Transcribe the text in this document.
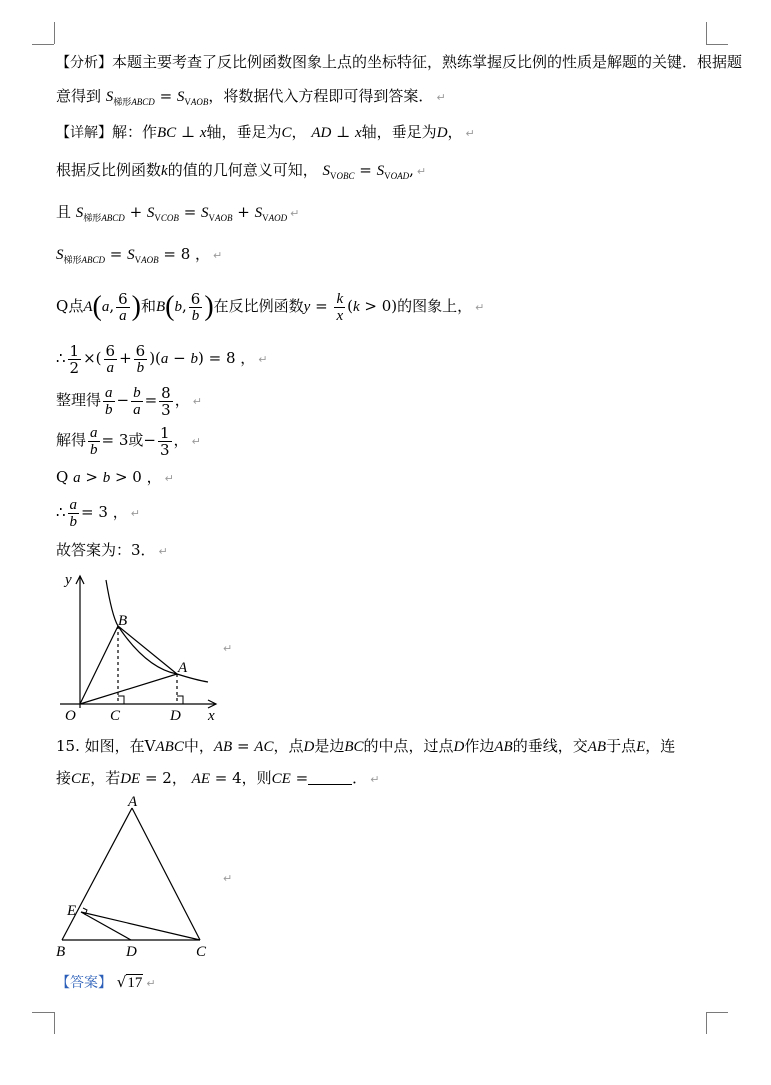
【分析】本题主要考查了反比例函数图象上点的坐标特征，熟练掌握反比例的性质是解题的关键．根据题
意得到 $S_{梯形ABCD} = S_{VAOB}$，将数据代入方程即可得到答案． ↵
【详解】解：作BC ⊥ x轴，垂足为C， AD ⊥ x轴，垂足为D， ↵
根据反比例函数k的值的几何意义可知， $S_{VOBC} = S_{VOAD}$, ↵
且 $S_{梯形ABCD} + S_{VCOB} = S_{VAOB} + S_{VAOD}$ ↵
$S_{梯形ABCD} = S_{VAOB} = 8$ ， ↵
Q点A(a, $\frac{6}{a}$ )和B(b, $\frac{6}{b}$ )在反比例函数$y = \frac{k}{x} (k > 0)$的图象上， ↵
∴ $\frac{1}{2}$ ×( $\frac{6}{a} + \frac{6}{b} )(a - b) = 8$ ， ↵
整理得 $\frac{a}{b} - \frac{b}{a} = \frac{8}{3}$ ， ↵
解得 $\frac{a}{b} = 3$或− $\frac{1}{3}$ ， ↵
Q a > b > 0 ， ↵
∴ $\frac{a}{b} = 3$ ， ↵
故答案为：3． ↵
y
x
O
B
A
C	D
↵
15. 如图，在VABC中，AB = AC，点D是边BC的中点，过点D作边AB的垂线，交AB于点E，连
接CE，若DE = 2， AE = 4，则CE =	． ↵
A
B	C
D
E
↵
【答案】 √17 ↵
